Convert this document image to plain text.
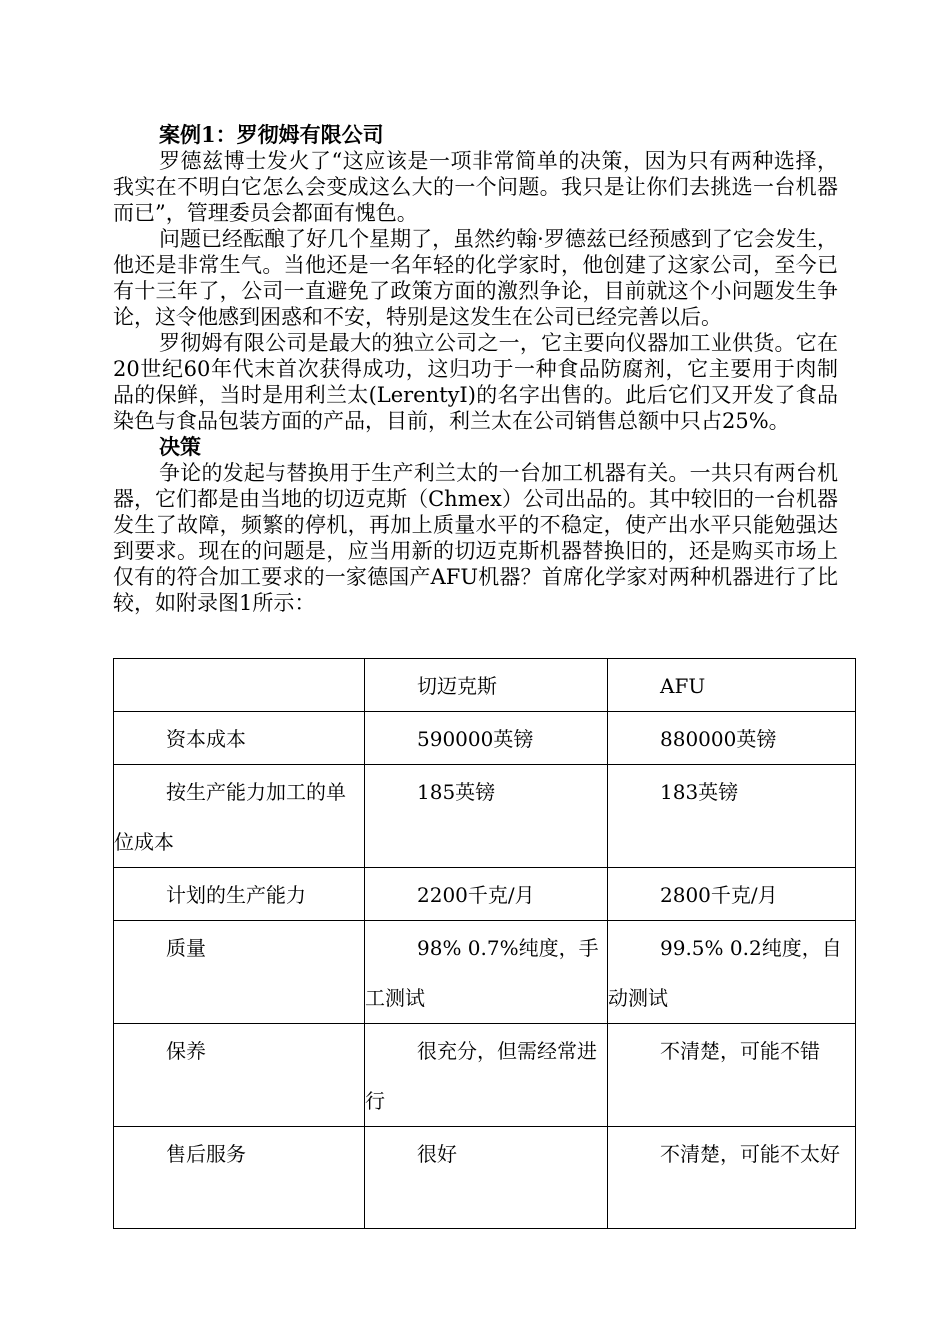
案例1：罗彻姆有限公司

罗德兹博士发火了“这应该是一项非常简单的决策，因为只有两种选择，我实在不明白它怎么会变成这么大的一个问题。我只是让你们去挑选一台机器而已”，管理委员会都面有愧色。

问题已经酝酿了好几个星期了，虽然约翰·罗德兹已经预感到了它会发生，他还是非常生气。当他还是一名年轻的化学家时，他创建了这家公司，至今已有十三年了，公司一直避免了政策方面的激烈争论，目前就这个小问题发生争论，这令他感到困惑和不安，特别是这发生在公司已经完善以后。

罗彻姆有限公司是最大的独立公司之一，它主要向仪器加工业供货。它在20世纪60年代末首次获得成功，这归功于一种食品防腐剂，它主要用于肉制品的保鲜，当时是用利兰太(LerentyI)的名字出售的。此后它们又开发了食品染色与食品包装方面的产品，目前，利兰太在公司销售总额中只占25%。

决策

争论的发起与替换用于生产利兰太的一台加工机器有关。一共只有两台机器，它们都是由当地的切迈克斯（Chmex）公司出品的。其中较旧的一台机器发生了故障，频繁的停机，再加上质量水平的不稳定，使产出水平只能勉强达到要求。现在的问题是，应当用新的切迈克斯机器替换旧的，还是购买市场上仅有的符合加工要求的一家德国产AFU机器？首席化学家对两种机器进行了比较，如附录图1所示：

	切迈克斯	AFU

资本成本	590000英镑	880000英镑

按生产能力加工的单位成本	185英镑	183英镑

计划的生产能力	2200千克/月	2800千克/月

质量	98% 0.7%纯度，手工测试	99.5% 0.2纯度，自动测试

保养	很充分，但需经常进行	不清楚，可能不错

售后服务	很好	不清楚，可能不太好
